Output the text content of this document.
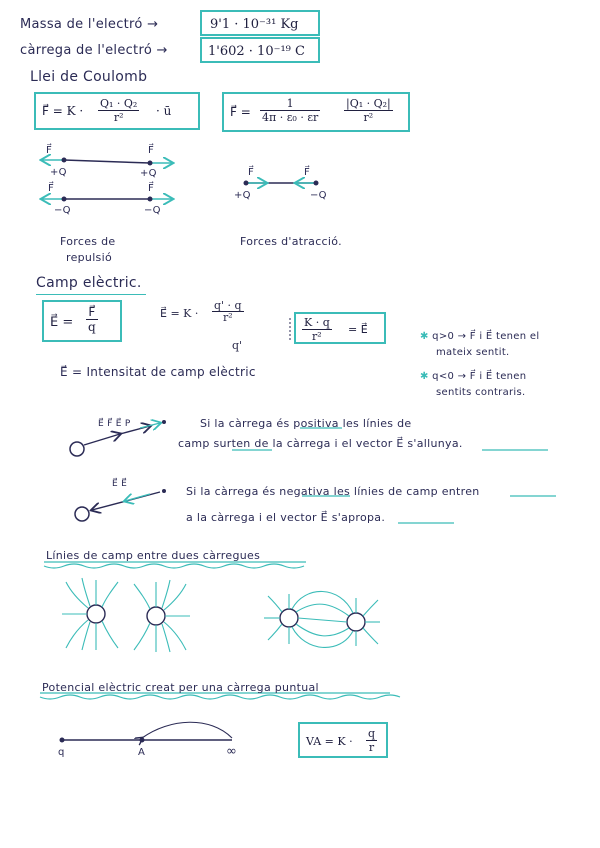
Massa de l'electró →	9'1 · 10⁻³¹ Kg
càrrega de l'electró →	1'602 · 10⁻¹⁹ C
Llei de Coulomb
F⃗ = $K \cdot \frac{\text{Q₁ · Q₂}}{\text{r²}}$ · ū	F⃗ = $\frac{1}{\text{4π · ε₀ · εr}} \frac{\text{|Q₁ · Q₂|}}{\text{r²}}$
F⃗	F⃗
+Q	+Q
F⃗	F⃗
−Q	−Q
F⃗	F⃗
+Q	−Q
Forces de
repulsió
Forces d'atracció.
Camp elèctric.
E⃗ = $\frac{F⃗}{q}$	E⃗ = $K \cdot \frac{q' \cdot q}{\text{r²}}$
q'
$\frac{K \cdot q}{\text{r²}}$ = E⃗
E⃗ = Intensitat de camp elèctric
✱ q>0 → F⃗ i E⃗ tenen el
mateix sentit.
✱ q<0 → F⃗ i E⃗ tenen
sentits contraris.
E⃗ F⃗ E⃗ P	Si la càrrega és positiva les línies de
camp surten de la càrrega i el vector E⃗ s'allunya.
E⃗ E⃗
Si la càrrega és negativa les línies de camp entren
a la càrrega i el vector E⃗ s'apropa.
Línies de camp entre dues càrregues
Potencial elèctric creat per una càrrega puntual
q	A	∞
VA = $K \cdot \frac{q}{r}$
